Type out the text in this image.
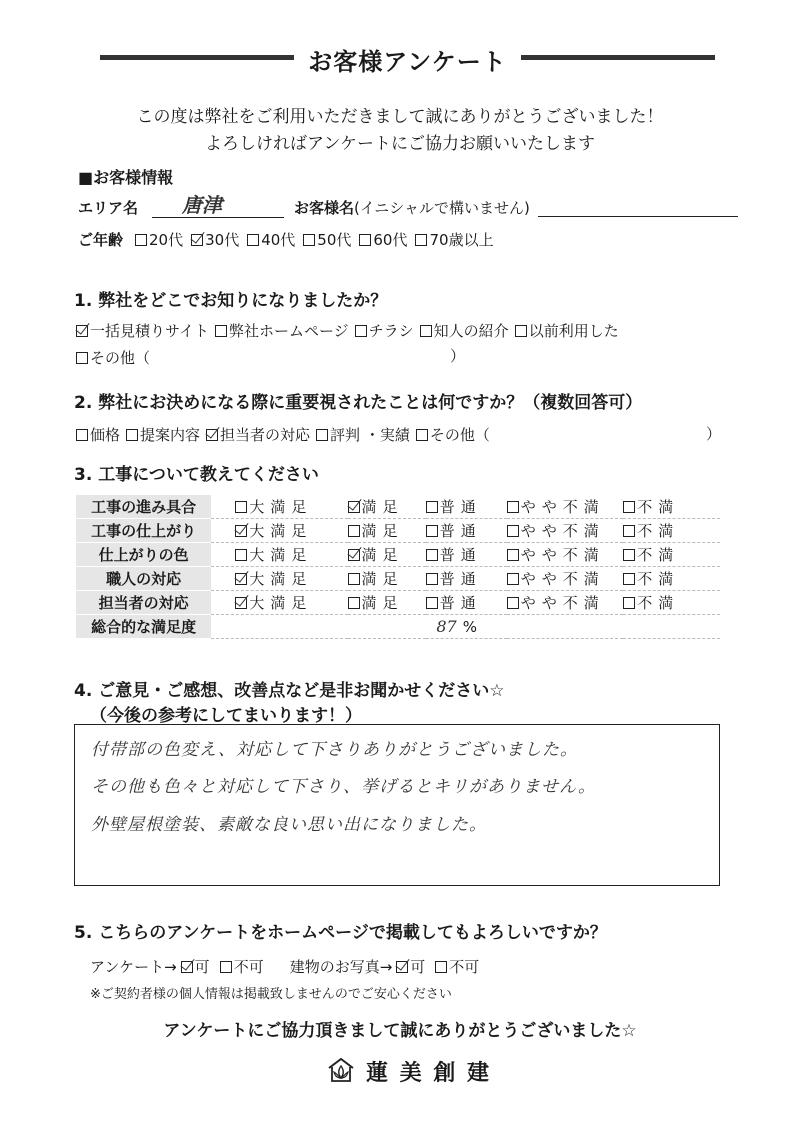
お客様アンケート
この度は弊社をご利用いただきまして誠にありがとうございました！
よろしければアンケートにご協力お願いいたします
■お客様情報
エリア名 唐津	お客様名 (イニシャルで構いません)
ご年齢	20代	30代	40代	50代	60代	70歳以上
1. 弊社をどこでお知りになりましたか？
一括見積りサイト	弊社ホームページ	チラシ	知人の紹介	以前利用した
その他（	）
2. 弊社にお決めになる際に重要視されたことは何ですか？（複数回答可）
価格	提案内容	担当者の対応	評判 ・実績	その他（	）
3. 工事について教えてください
工事の進み具合	大満足	満足	普通	やや不満	不満
工事の仕上がり	大満足	満足	普通	やや不満	不満
仕上がりの色	大満足	満足	普通	やや不満	不満
職人の対応	大満足	満足	普通	やや不満	不満
担当者の対応	大満足	満足	普通	やや不満	不満
総合的な満足度	87 %				
4. ご意見・ご感想、改善点など是非お聞かせください☆
（今後の参考にしてまいります！）
付帯部の色変え、対応して下さりありがとうございました。
その他も色々と対応して下さり、挙げるとキリがありません。
外壁屋根塗装、素敵な良い思い出になりました。
5. こちらのアンケートをホームページで掲載してもよろしいですか？
アンケート→	可	不可 建物のお写真→	可	不可
※ご契約者様の個人情報は掲載致しませんのでご安心ください
アンケートにご協力頂きまして誠にありがとうございました☆
蓮 美 創 建
